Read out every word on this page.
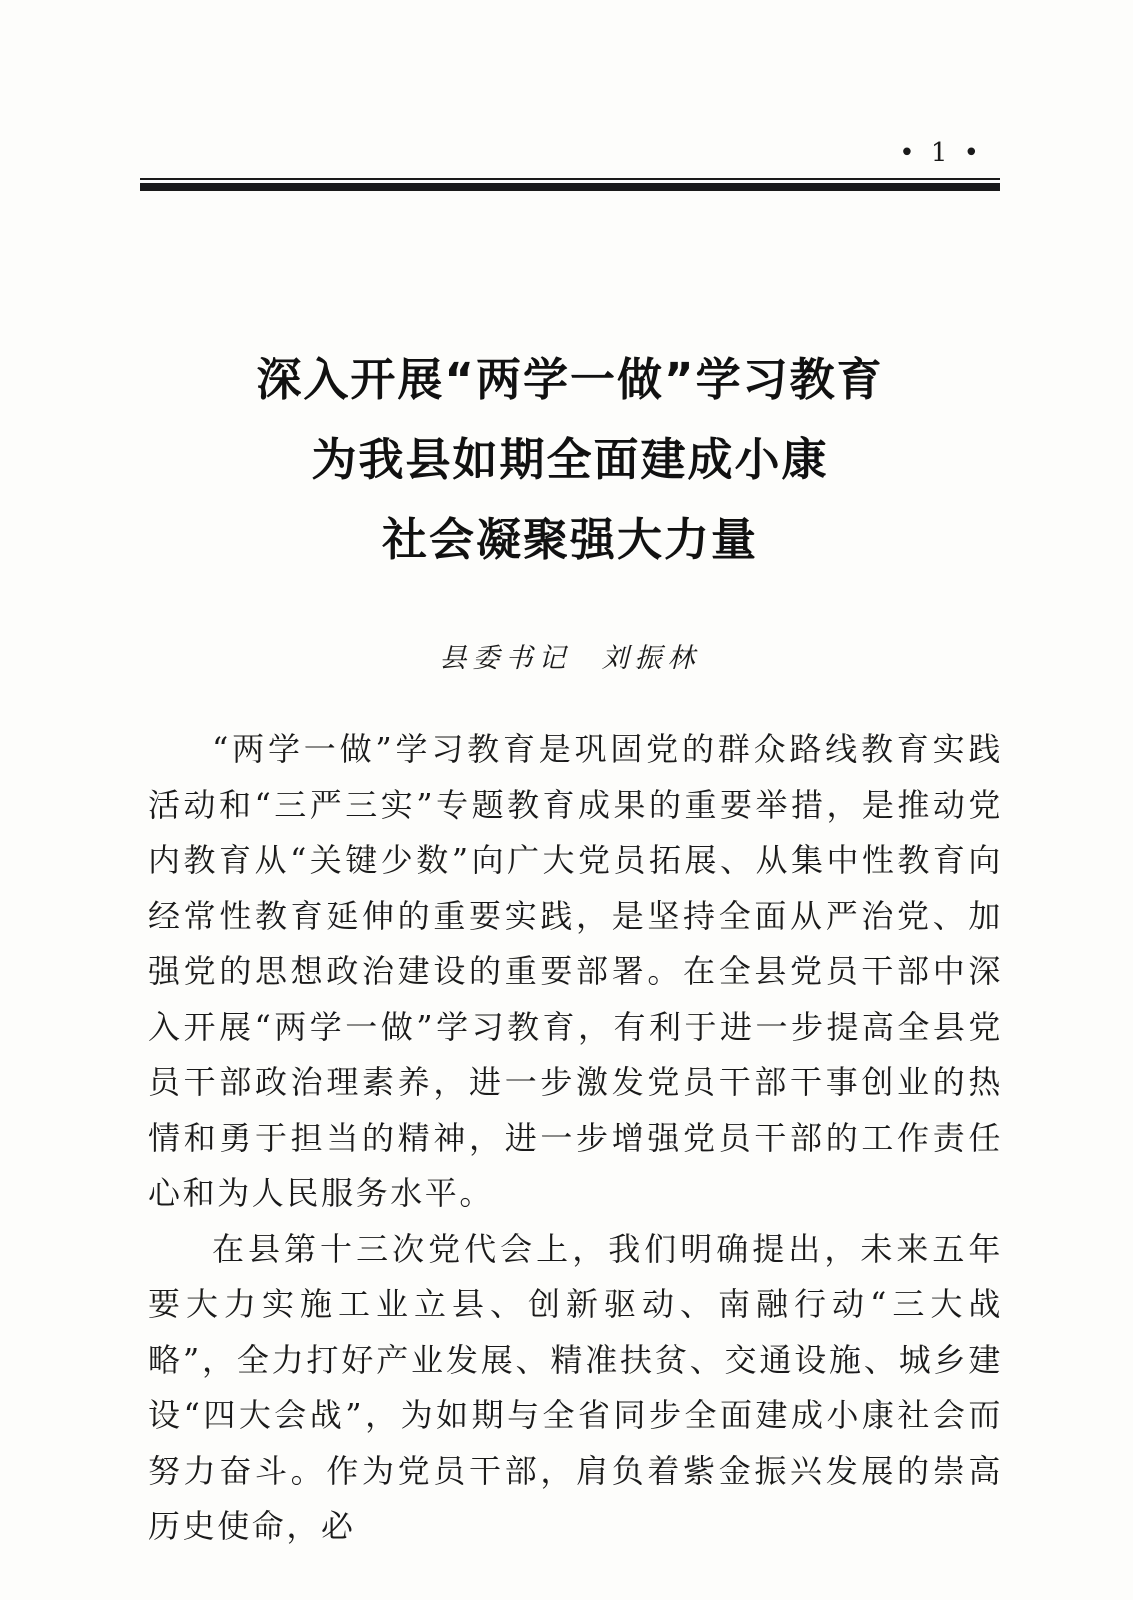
• 1 •
深入开展“两学一做”学习教育
为我县如期全面建成小康
社会凝聚强大力量
县委书记 刘振林

“两学一做”学习教育是巩固党的群众路线教育实践活动和“三严三实”专题教育成果的重要举措，是推动党内教育从“关键少数”向广大党员拓展、从集中性教育向经常性教育延伸的重要实践，是坚持全面从严治党、加强党的思想政治建设的重要部署。在全县党员干部中深入开展“两学一做”学习教育，有利于进一步提高全县党员干部政治理素养，进一步激发党员干部干事创业的热情和勇于担当的精神，进一步增强党员干部的工作责任心和为人民服务水平。

在县第十三次党代会上，我们明确提出，未来五年要大力实施工业立县、创新驱动、南融行动“三大战略”，全力打好产业发展、精准扶贫、交通设施、城乡建设“四大会战”，为如期与全省同步全面建成小康社会而努力奋斗。作为党员干部，肩负着紫金振兴发展的崇高历史使命，必
